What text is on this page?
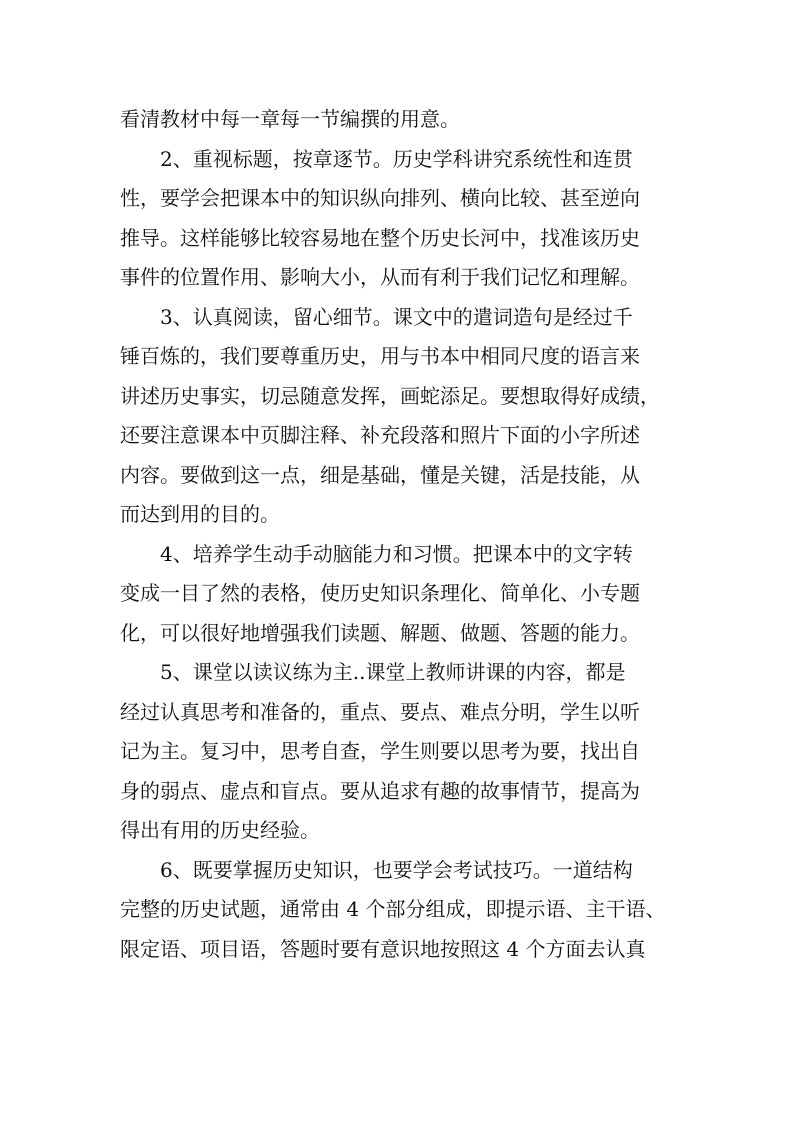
看清教材中每一章每一节编撰的用意。
2、重视标题，按章逐节。历史学科讲究系统性和连贯
性，要学会把课本中的知识纵向排列、横向比较、甚至逆向
推导。这样能够比较容易地在整个历史长河中，找准该历史
事件的位置作用、影响大小，从而有利于我们记忆和理解。
3、认真阅读，留心细节。课文中的遣词造句是经过千
锤百炼的，我们要尊重历史，用与书本中相同尺度的语言来
讲述历史事实，切忌随意发挥，画蛇添足。要想取得好成绩，
还要注意课本中页脚注释、补充段落和照片下面的小字所述
内容。要做到这一点，细是基础，懂是关键，活是技能，从
而达到用的目的。
4、培养学生动手动脑能力和习惯。把课本中的文字转
变成一目了然的表格，使历史知识条理化、简单化、小专题
化，可以很好地增强我们读题、解题、做题、答题的能力。
5、课堂以读议练为主..课堂上教师讲课的内容，都是
经过认真思考和准备的，重点、要点、难点分明，学生以听
记为主。复习中，思考自查，学生则要以思考为要，找出自
身的弱点、虚点和盲点。要从追求有趣的故事情节，提高为
得出有用的历史经验。
6、既要掌握历史知识，也要学会考试技巧。一道结构
完整的历史试题，通常由 4 个部分组成，即提示语、主干语、
限定语、项目语，答题时要有意识地按照这 4 个方面去认真
